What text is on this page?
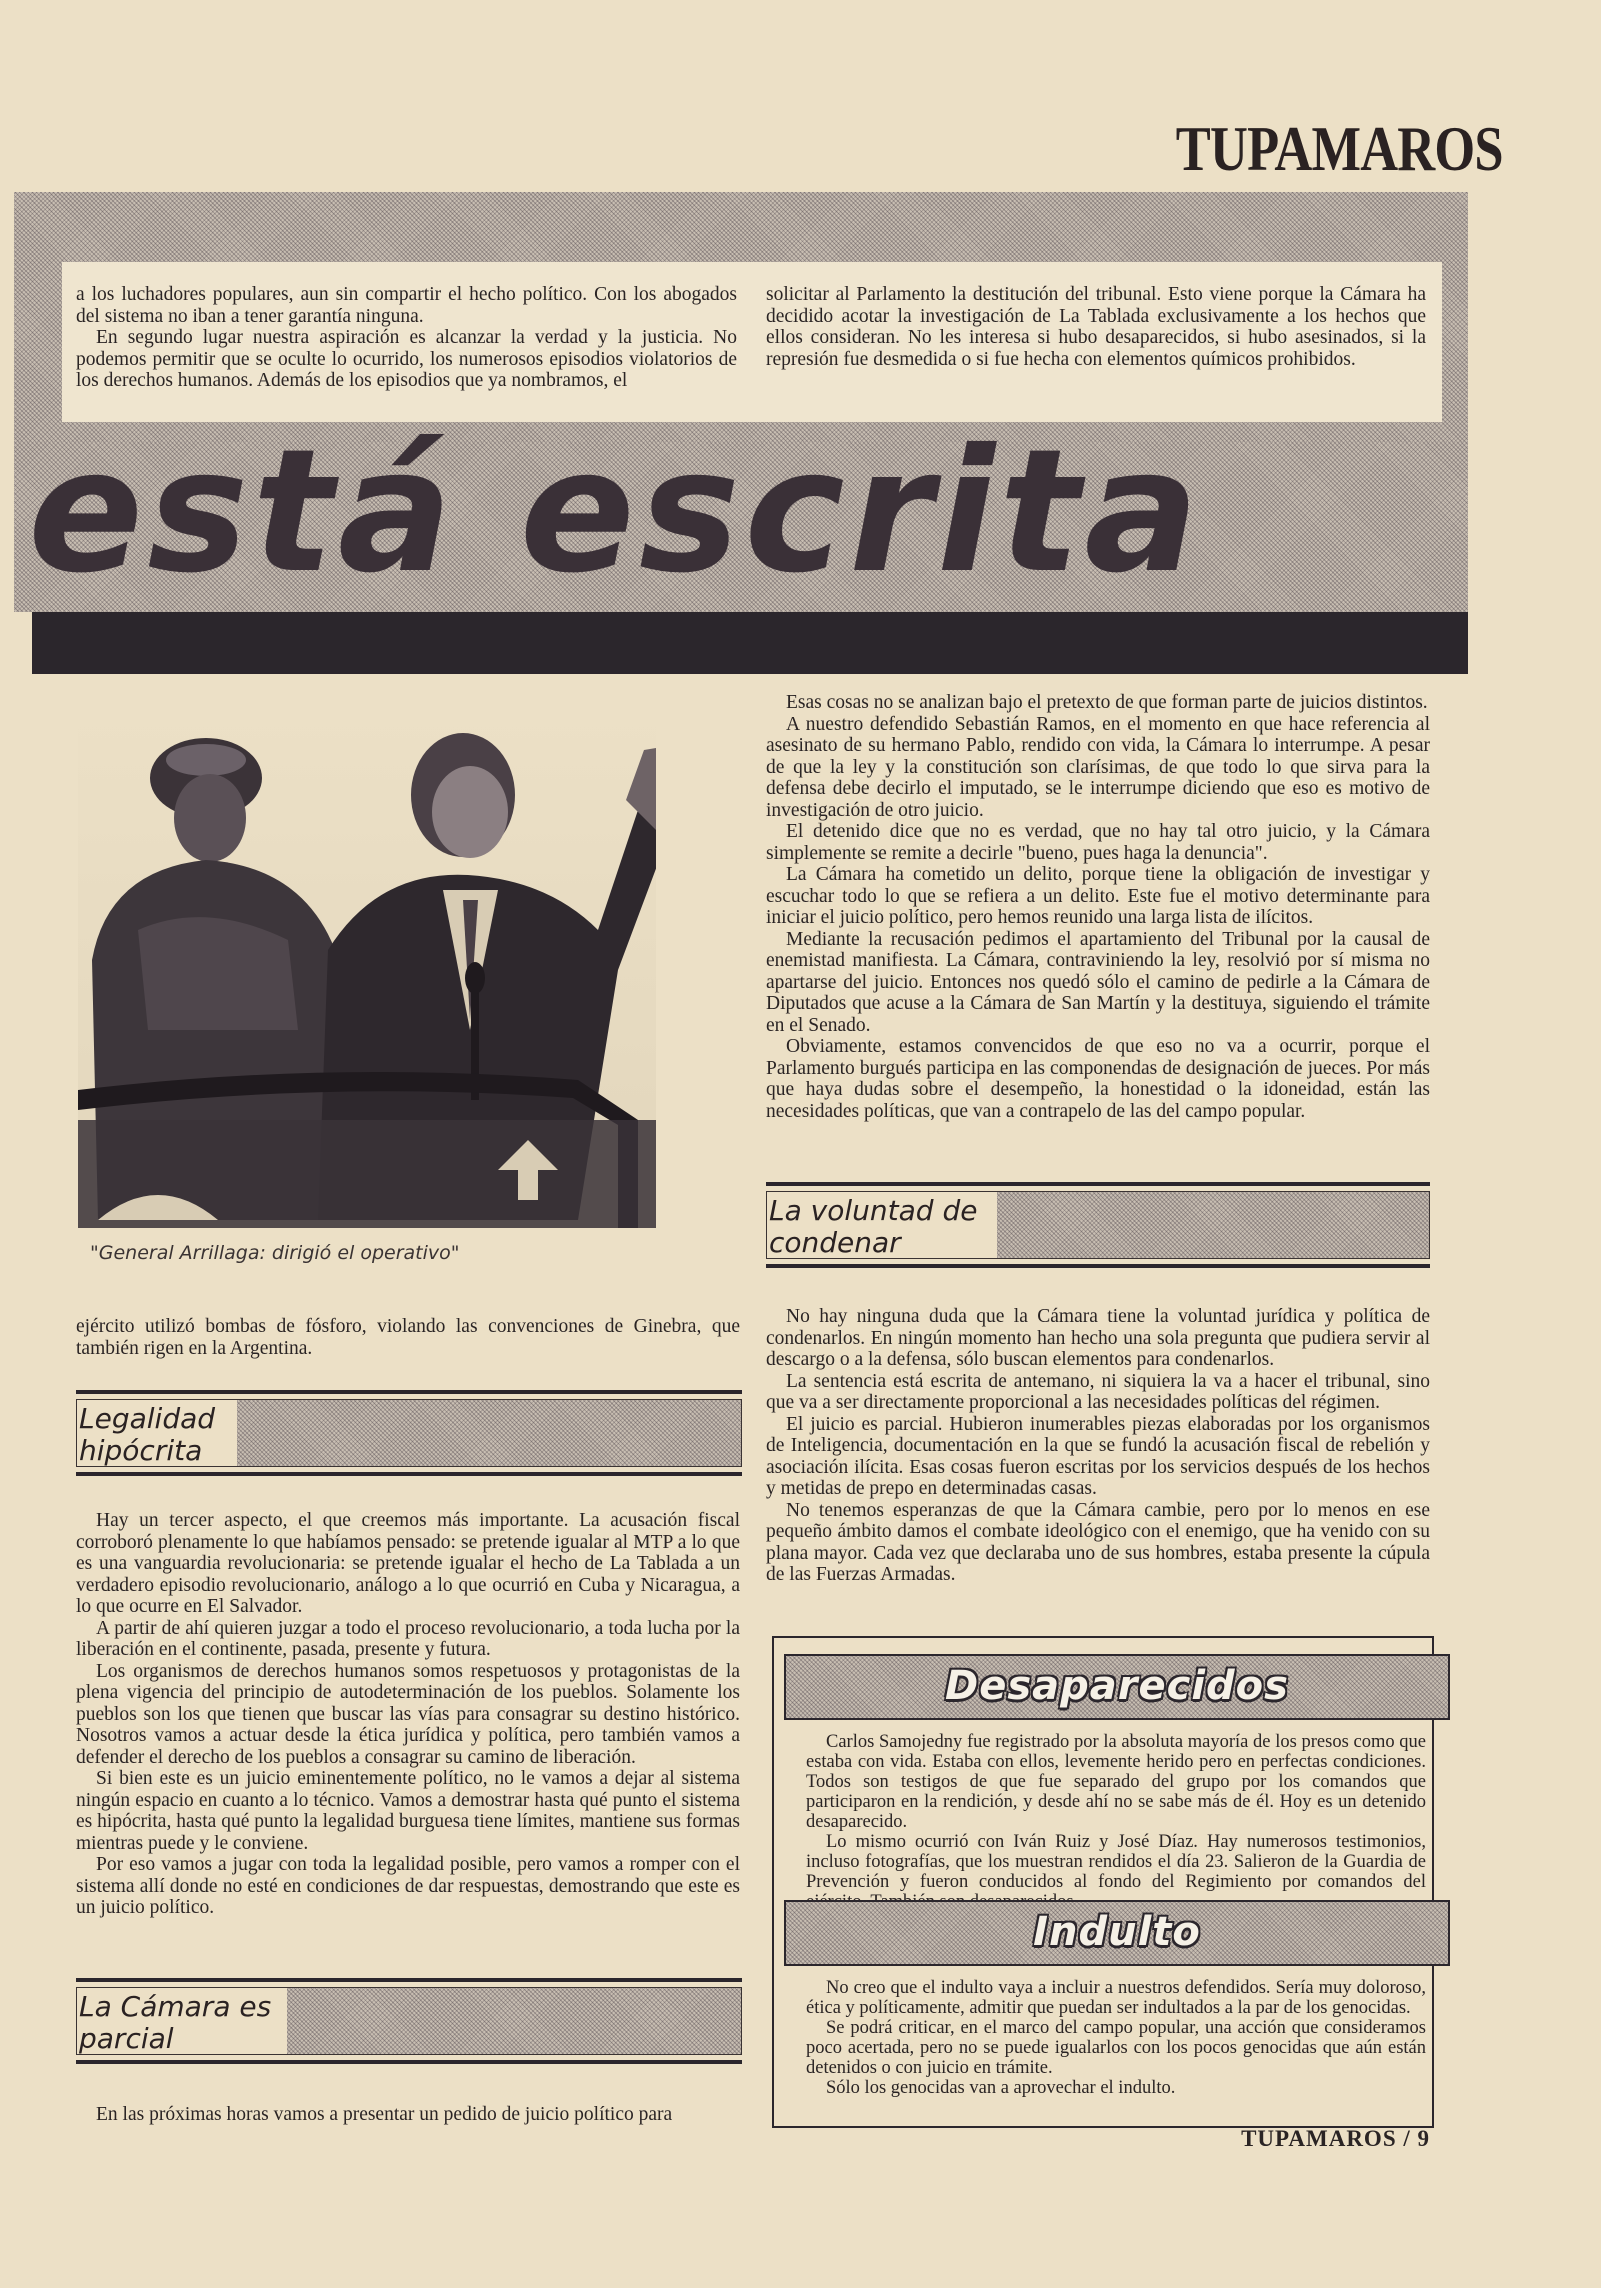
TUPAMAROS

a los luchadores populares, aun sin compartir el hecho político. Con los abogados del sistema no iban a tener garantía ninguna.

En segundo lugar nuestra aspiración es alcanzar la verdad y la justicia. No podemos permitir que se oculte lo ocurrido, los numerosos episodios violatorios de los derechos humanos. Además de los episodios que ya nombramos, el

solicitar al Parlamento la destitución del tribunal. Esto viene porque la Cámara ha decidido acotar la investigación de La Tablada exclusivamente a los hechos que ellos consideran. No les interesa si hubo desaparecidos, si hubo asesinados, si la represión fue desmedida o si fue hecha con elementos químicos prohibidos.

está escrita
"General Arrillaga: dirigió el operativo"

ejército utilizó bombas de fósforo, violando las convenciones de Ginebra, que también rigen en la Argentina.

Legalidad
hipócrita

Hay un tercer aspecto, el que creemos más importante. La acusación fiscal corroboró plenamente lo que habíamos pensado: se pretende igualar al MTP a lo que es una vanguardia revolucionaria: se pretende igualar el hecho de La Tablada a un verdadero episodio revolucionario, análogo a lo que ocurrió en Cuba y Nicaragua, a lo que ocurre en El Salvador.

A partir de ahí quieren juzgar a todo el proceso revolucionario, a toda lucha por la liberación en el continente, pasada, presente y futura.

Los organismos de derechos humanos somos respetuosos y protagonistas de la plena vigencia del principio de autodeterminación de los pueblos. Solamente los pueblos son los que tienen que buscar las vías para consagrar su destino histórico. Nosotros vamos a actuar desde la ética jurídica y política, pero también vamos a defender el derecho de los pueblos a consagrar su camino de liberación.

Si bien este es un juicio eminentemente político, no le vamos a dejar al sistema ningún espacio en cuanto a lo técnico. Vamos a demostrar hasta qué punto el sistema es hipócrita, hasta qué punto la legalidad burguesa tiene límites, mantiene sus formas mientras puede y le conviene.

Por eso vamos a jugar con toda la legalidad posible, pero vamos a romper con el sistema allí donde no esté en condiciones de dar respuestas, demostrando que este es un juicio político.

La Cámara es
parcial

En las próximas horas vamos a presentar un pedido de juicio político para

Esas cosas no se analizan bajo el pretexto de que forman parte de juicios distintos.

A nuestro defendido Sebastián Ramos, en el momento en que hace referencia al asesinato de su hermano Pablo, rendido con vida, la Cámara lo interrumpe. A pesar de que la ley y la constitución son clarísimas, de que todo lo que sirva para la defensa debe decirlo el imputado, se le interrumpe diciendo que eso es motivo de investigación de otro juicio.

El detenido dice que no es verdad, que no hay tal otro juicio, y la Cámara simplemente se remite a decirle "bueno, pues haga la denuncia".

La Cámara ha cometido un delito, porque tiene la obligación de investigar y escuchar todo lo que se refiera a un delito. Este fue el motivo determinante para iniciar el juicio político, pero hemos reunido una larga lista de ilícitos.

Mediante la recusación pedimos el apartamiento del Tribunal por la causal de enemistad manifiesta. La Cámara, contraviniendo la ley, resolvió por sí misma no apartarse del juicio. Entonces nos quedó sólo el camino de pedirle a la Cámara de Diputados que acuse a la Cámara de San Martín y la destituya, siguiendo el trámite en el Senado.

Obviamente, estamos convencidos de que eso no va a ocurrir, porque el Parlamento burgués participa en las componendas de designación de jueces. Por más que haya dudas sobre el desempeño, la honestidad o la idoneidad, están las necesidades políticas, que van a contrapelo de las del campo popular.

La voluntad de
condenar

No hay ninguna duda que la Cámara tiene la voluntad jurídica y política de condenarlos. En ningún momento han hecho una sola pregunta que pudiera servir al descargo o a la defensa, sólo buscan elementos para condenarlos.

La sentencia está escrita de antemano, ni siquiera la va a hacer el tribunal, sino que va a ser directamente proporcional a las necesidades políticas del régimen.

El juicio es parcial. Hubieron inumerables piezas elaboradas por los organismos de Inteligencia, documentación en la que se fundó la acusación fiscal de rebelión y asociación ilícita. Esas cosas fueron escritas por los servicios después de los hechos y metidas de prepo en determinadas casas.

No tenemos esperanzas de que la Cámara cambie, pero por lo menos en ese pequeño ámbito damos el combate ideológico con el enemigo, que ha venido con su plana mayor. Cada vez que declaraba uno de sus hombres, estaba presente la cúpula de las Fuerzas Armadas.

Desaparecidos

Carlos Samojedny fue registrado por la absoluta mayoría de los presos como que estaba con vida. Estaba con ellos, levemente herido pero en perfectas condiciones. Todos son testigos de que fue separado del grupo por los comandos que participaron en la rendición, y desde ahí no se sabe más de él. Hoy es un detenido desaparecido.

Lo mismo ocurrió con Iván Ruiz y José Díaz. Hay numerosos testimonios, incluso fotografías, que los muestran rendidos el día 23. Salieron de la Guardia de Prevención y fueron conducidos al fondo del Regimiento por comandos del

Indulto

No creo que el indulto vaya a incluir a nuestros defendidos. Sería muy doloroso, ética y políticamente, admitir que puedan ser indultados a la par de los genocidas.

Se podrá criticar, en el marco del campo popular, una acción que consideramos poco acertada, pero no se puede igualarlos con los pocos genocidas que aún están detenidos o con juicio en trámite.

Sólo los genocidas van a aprovechar el indulto.

TUPAMAROS / 9
